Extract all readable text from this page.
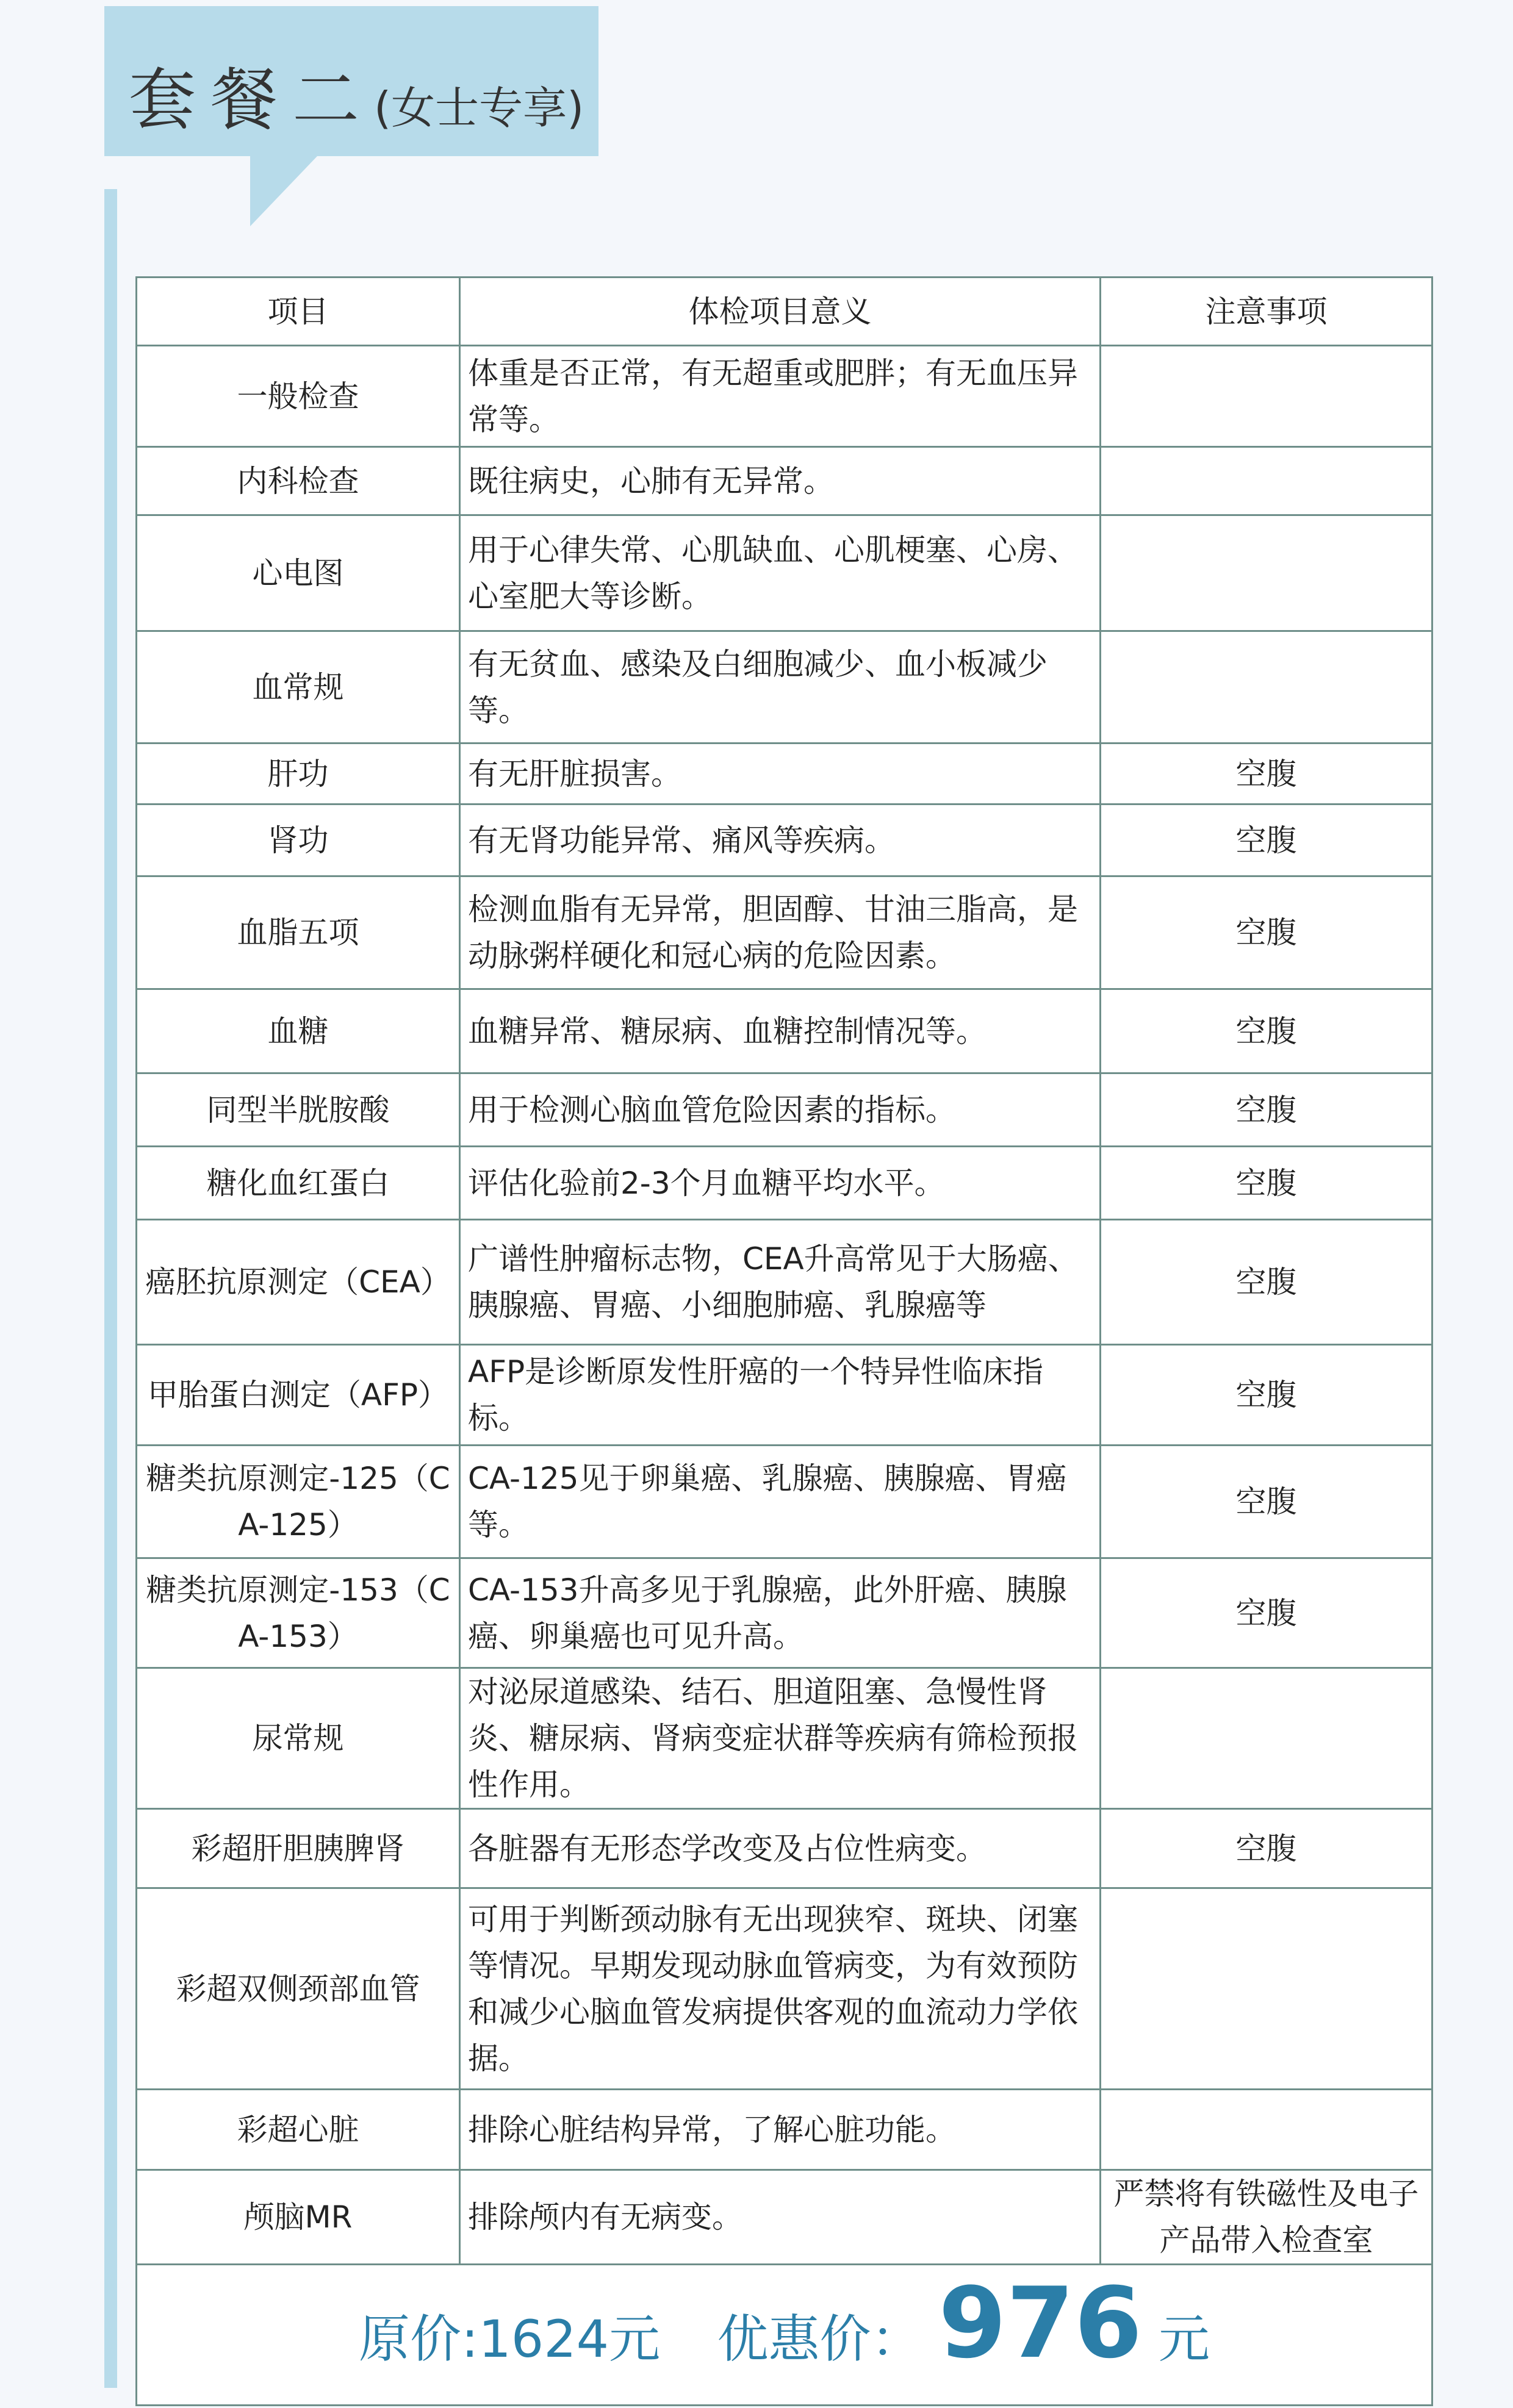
套餐二 (女士专享)
项目	体检项目意义	注意事项
一般检查	体重是否正常，有无超重或肥胖；有无血压异常等。	
内科检查	既往病史，心肺有无异常。	
心电图	用于心律失常、心肌缺血、心肌梗塞、心房、心室肥大等诊断。	
血常规	有无贫血、感染及白细胞减少、血小板减少等。	
肝功	有无肝脏损害。	空腹
肾功	有无肾功能异常、痛风等疾病。	空腹
血脂五项	检测血脂有无异常，胆固醇、甘油三脂高，是动脉粥样硬化和冠心病的危险因素。	空腹
血糖	血糖异常、糖尿病、血糖控制情况等。	空腹
同型半胱胺酸	用于检测心脑血管危险因素的指标。	空腹
糖化血红蛋白	评估化验前2-3个月血糖平均水平。	空腹
癌胚抗原测定（CEA）	广谱性肿瘤标志物，CEA升高常见于大肠癌、胰腺癌、胃癌、小细胞肺癌、乳腺癌等	空腹
甲胎蛋白测定（AFP）	AFP是诊断原发性肝癌的一个特异性临床指标。	空腹
糖类抗原测定-125（CA-125）	CA-125见于卵巢癌、乳腺癌、胰腺癌、胃癌等。	空腹
糖类抗原测定-153（CA-153）	CA-153升高多见于乳腺癌，此外肝癌、胰腺癌、卵巢癌也可见升高。	空腹
尿常规	对泌尿道感染、结石、胆道阻塞、急慢性肾炎、糖尿病、肾病变症状群等疾病有筛检预报性作用。	
彩超肝胆胰脾肾	各脏器有无形态学改变及占位性病变。	空腹
彩超双侧颈部血管	可用于判断颈动脉有无出现狭窄、斑块、闭塞等情况。早期发现动脉血管病变，为有效预防和减少心脑血管发病提供客观的血流动力学依据。	
彩超心脏	排除心脏结构异常，了解心脏功能。	
颅脑MR	排除颅内有无病变。	严禁将有铁磁性及电子产品带入检查室
原价:1624元 优惠价： 976 元		
